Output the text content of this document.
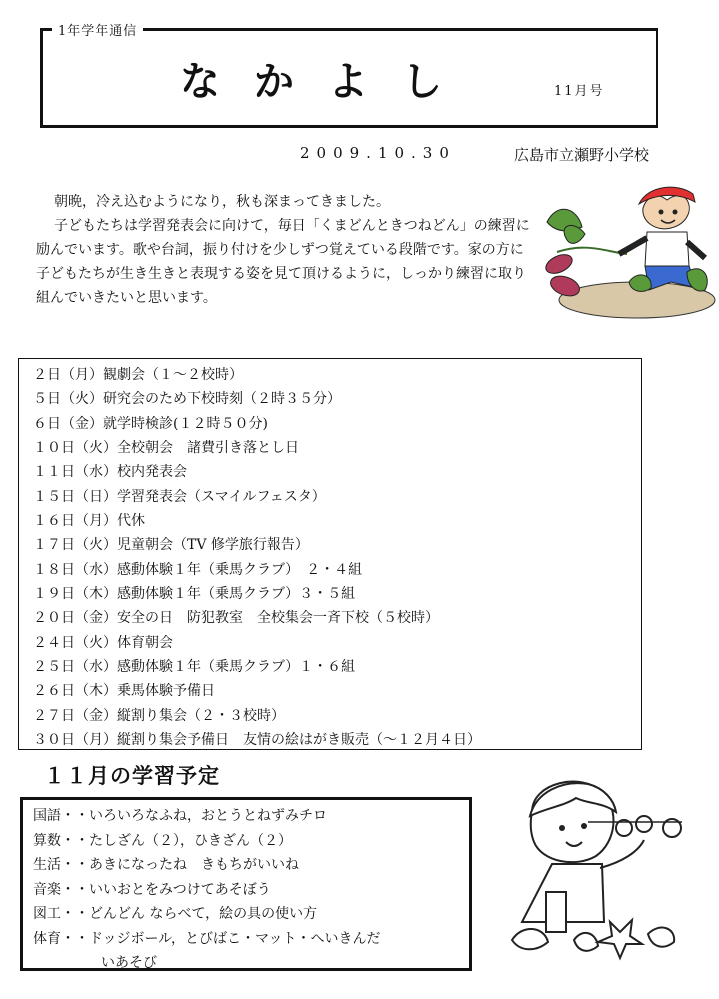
1年学年通信
なかよし	11月号
2009.10.30	広島市立瀬野小学校

朝晩，冷え込むようになり，秋も深まってきました。

子どもたちは学習発表会に向けて，毎日「くまどんときつねどん」の練習に励んでいます。歌や台詞，振り付けを少しずつ覚えている段階です。家の方に子どもたちが生き生きと表現する姿を見て頂けるように，しっかり練習に取り組んでいきたいと思います。

２日（月）観劇会（１～２校時）
５日（火）研究会のため下校時刻（２時３５分）
６日（金）就学時検診(１２時５０分)
１０日（火）全校朝会　諸費引き落とし日
１１日（水）校内発表会
１５日（日）学習発表会（スマイルフェスタ）
１６日（月）代休
１７日（火）児童朝会（TV 修学旅行報告）
１８日（水）感動体験１年（乗馬クラブ）　２・４組
１９日（木）感動体験１年（乗馬クラブ）３・５組
２０日（金）安全の日　防犯教室　全校集会一斉下校（５校時）
２４日（火）体育朝会
２５日（水）感動体験１年（乗馬クラブ）１・６組
２６日（木）乗馬体験予備日
２７日（金）縦割り集会（２・３校時）
３０日（月）縦割り集会予備日　友情の絵はがき販売（～１２月４日）
１１月の学習予定
国語・・いろいろなふね，おとうとねずみチロ
算数・・たしざん（２），ひきざん（２）
生活・・あきになったね　きもちがいいね
音楽・・いいおとをみつけてあそぼう
図工・・どんどん ならべて，絵の具の使い方
体育・・ドッジボール，とびばこ・マット・へいきんだ
いあそび
